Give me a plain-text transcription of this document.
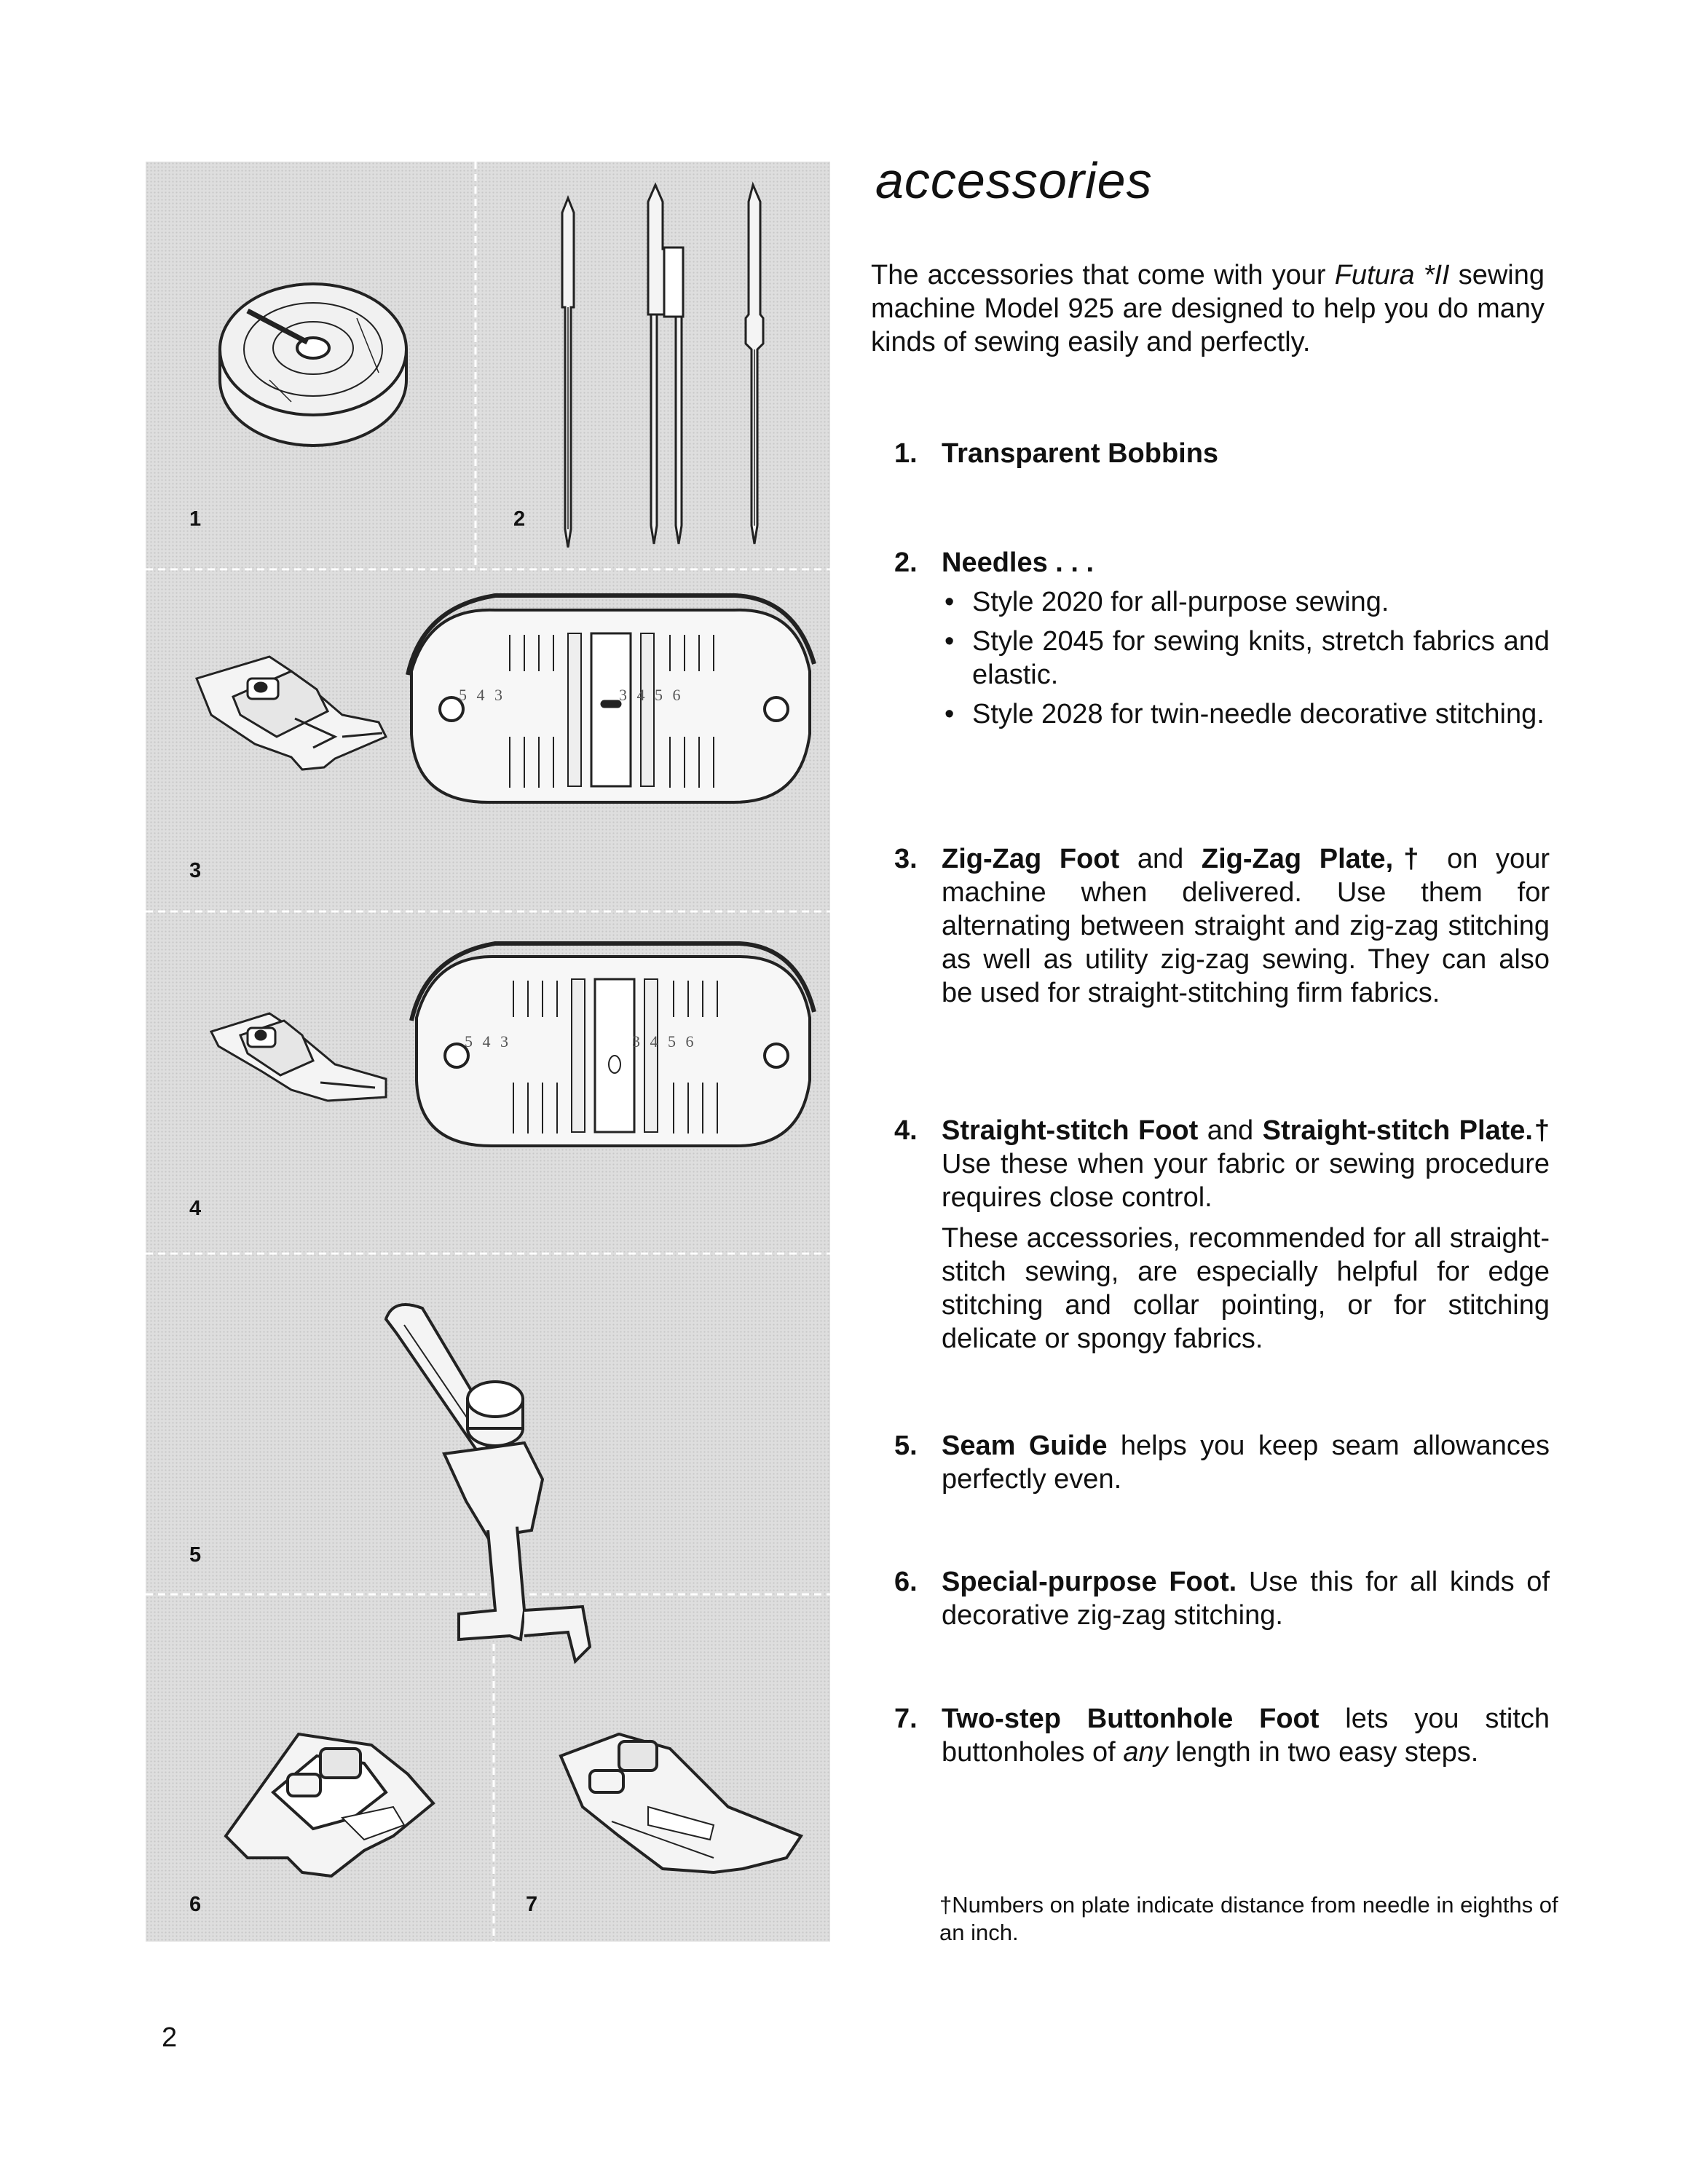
5 4 3	3 4 5 6
5 4 3	3 4 5 6
1	2
3
4
5
6	7
accessories

The accessories that come with your Futura *II sewing machine Model 925 are designed to help you do many kinds of sewing easily and perfectly.

1. Transparent Bobbins
2. Needles . . .
• Style 2020 for all-purpose sewing.
• Style 2045 for sewing knits, stretch fabrics and elastic.
• Style 2028 for twin-needle decorative stitching.
3. Zig-Zag Foot and Zig-Zag Plate,† on your machine when delivered. Use them for alternating between straight and zig-zag stitching as well as utility zig-zag sewing. They can also be used for straight-stitching firm fabrics.
4. Straight-stitch Foot and Straight-stitch Plate.† Use these when your fabric or sewing procedure requires close control.

These accessories, recommended for all straight-stitch sewing, are especially helpful for edge stitching and collar pointing, or for stitching delicate or spongy fabrics.

5. Seam Guide helps you keep seam allowances perfectly even.
6. Special-purpose Foot. Use this for all kinds of decorative zig-zag stitching.
7. Two-step Buttonhole Foot lets you stitch buttonholes of any length in two easy steps.

†Numbers on plate indicate distance from needle in eighths of an inch.

2
